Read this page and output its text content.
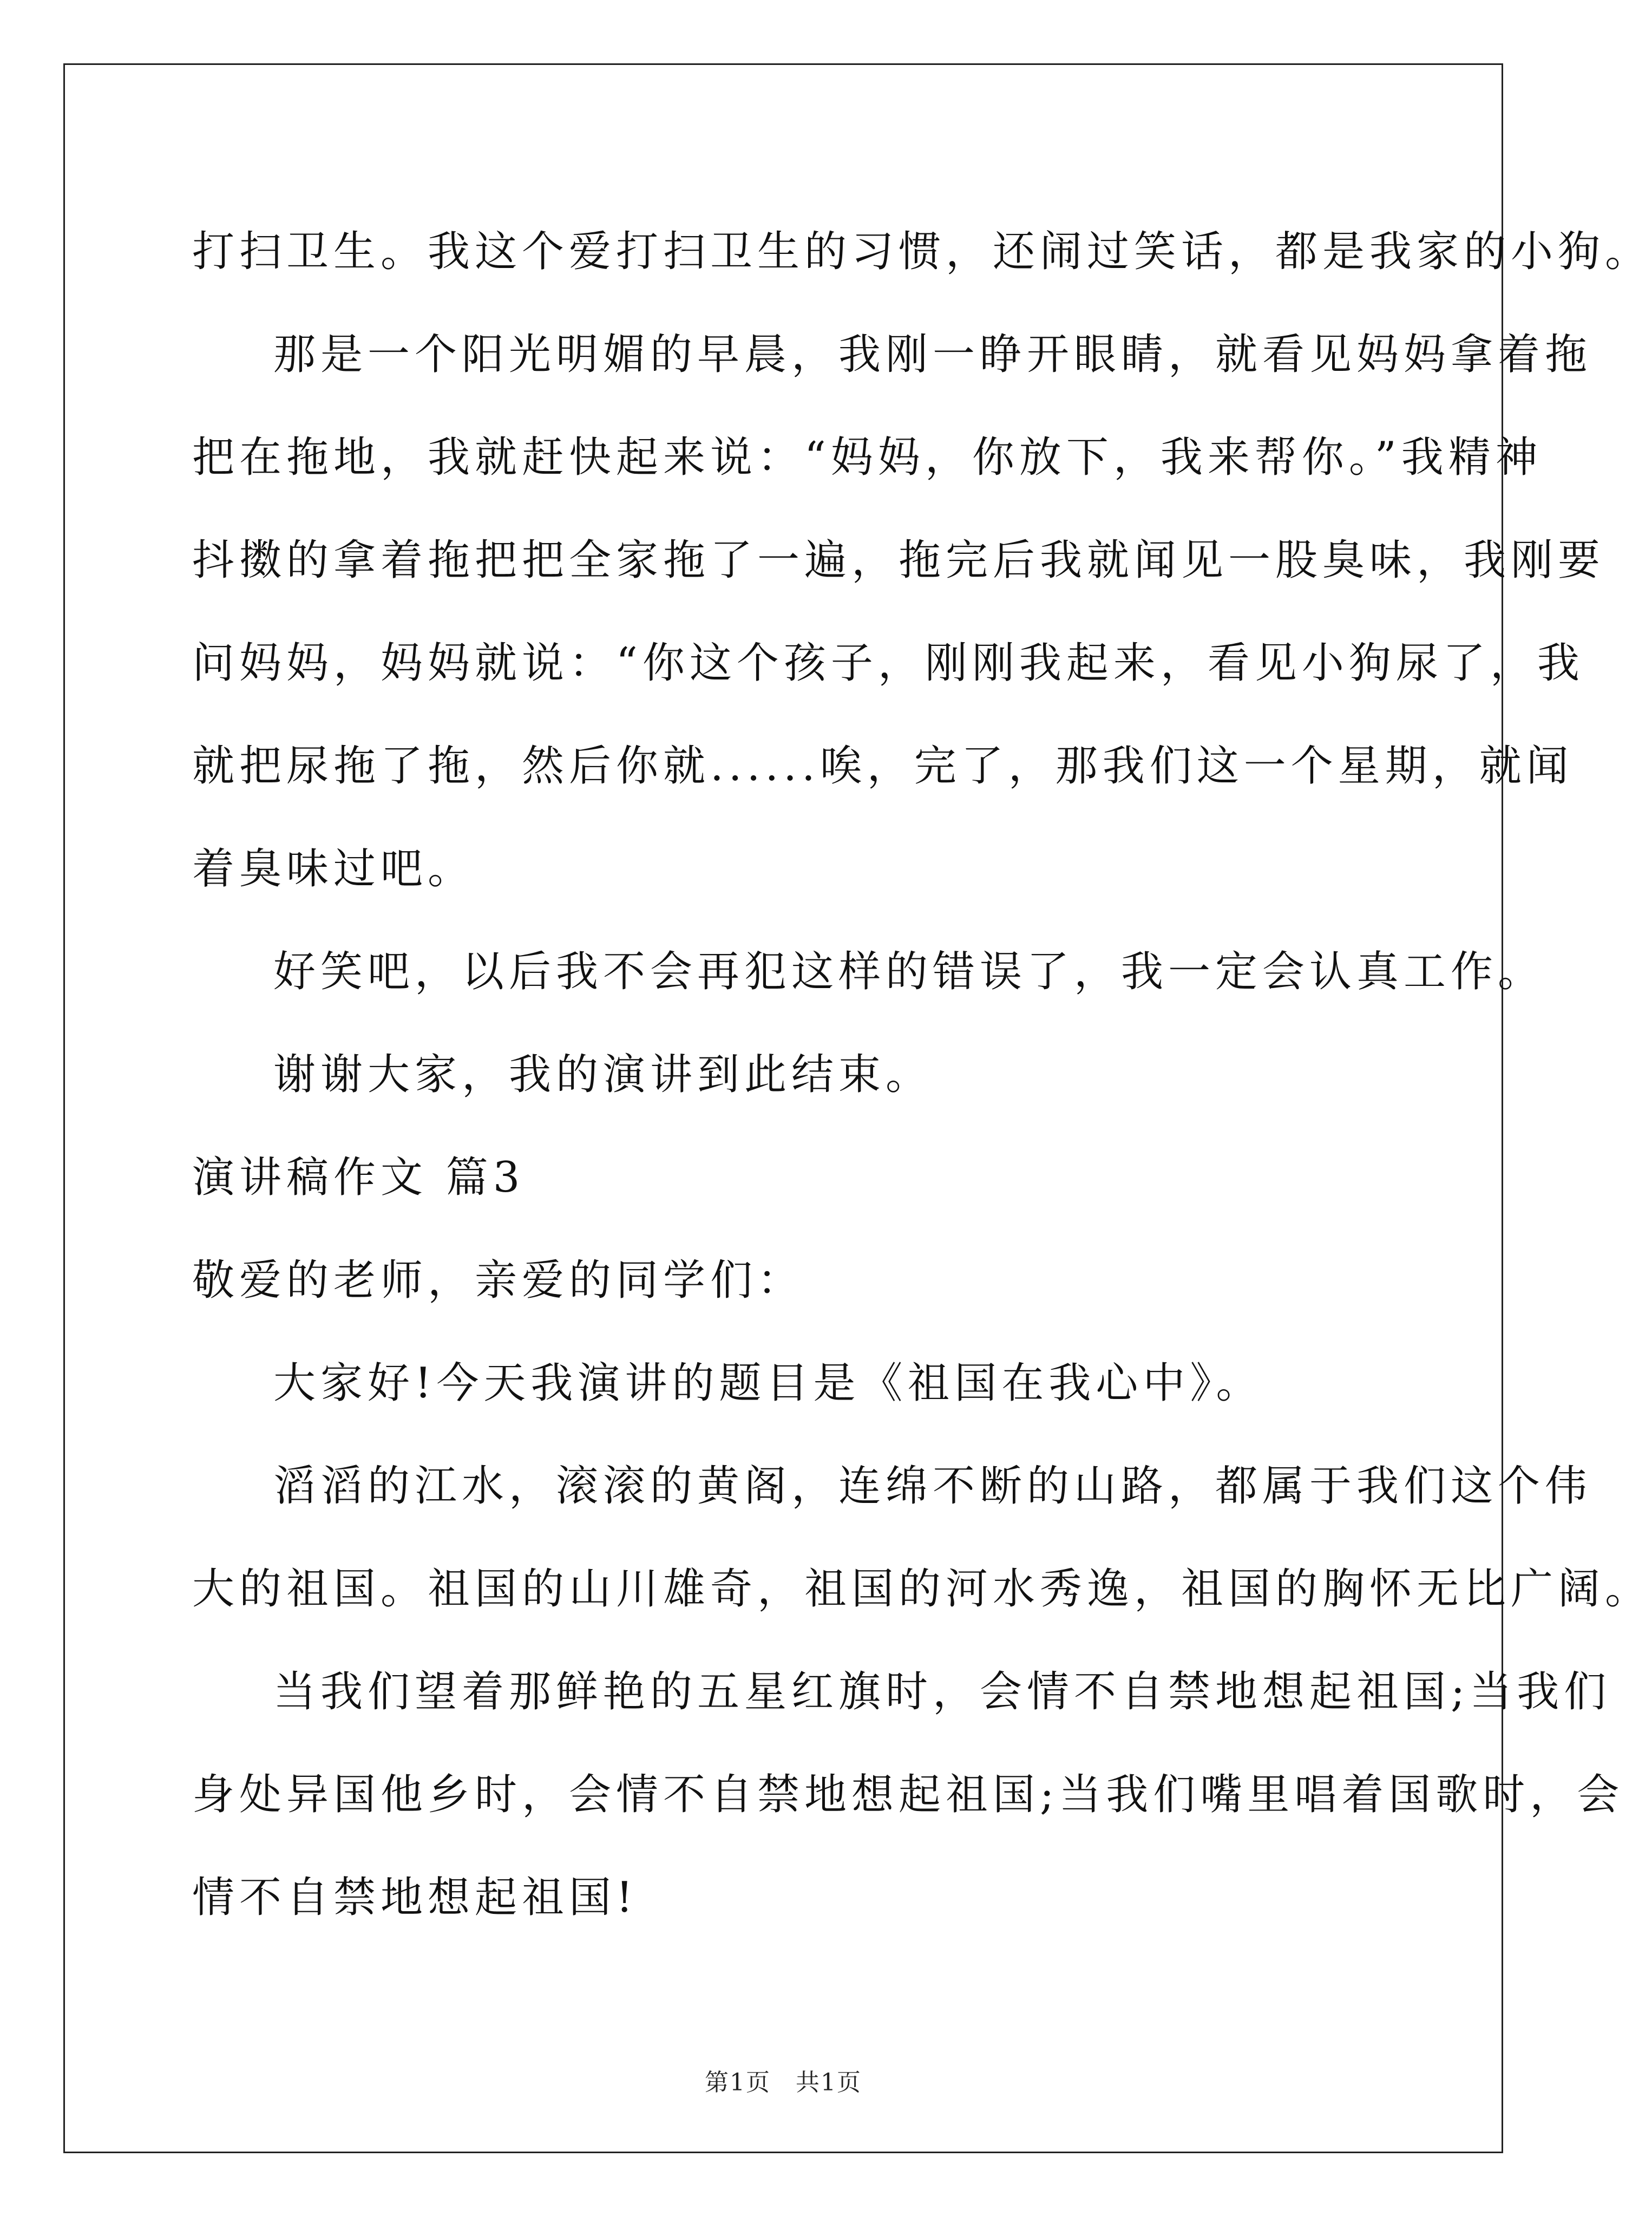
打扫卫生。我这个爱打扫卫生的习惯，还闹过笑话，都是我家的小狗。
那是一个阳光明媚的早晨，我刚一睁开眼睛，就看见妈妈拿着拖
把在拖地，我就赶快起来说：“妈妈，你放下，我来帮你。”我精神
抖擞的拿着拖把把全家拖了一遍，拖完后我就闻见一股臭味，我刚要
问妈妈，妈妈就说：“你这个孩子，刚刚我起来，看见小狗尿了，我
就把尿拖了拖，然后你就......唉，完了，那我们这一个星期，就闻
着臭味过吧。
好笑吧，以后我不会再犯这样的错误了，我一定会认真工作。
谢谢大家，我的演讲到此结束。
演讲稿作文 篇3
敬爱的老师，亲爱的同学们：
大家好!今天我演讲的题目是《祖国在我心中》。
滔滔的江水，滚滚的黄阁，连绵不断的山路，都属于我们这个伟
大的祖国。祖国的山川雄奇，祖国的河水秀逸，祖国的胸怀无比广阔。
当我们望着那鲜艳的五星红旗时，会情不自禁地想起祖国;当我们
身处异国他乡时，会情不自禁地想起祖国;当我们嘴里唱着国歌时，会
情不自禁地想起祖国!
第1页　共1页
